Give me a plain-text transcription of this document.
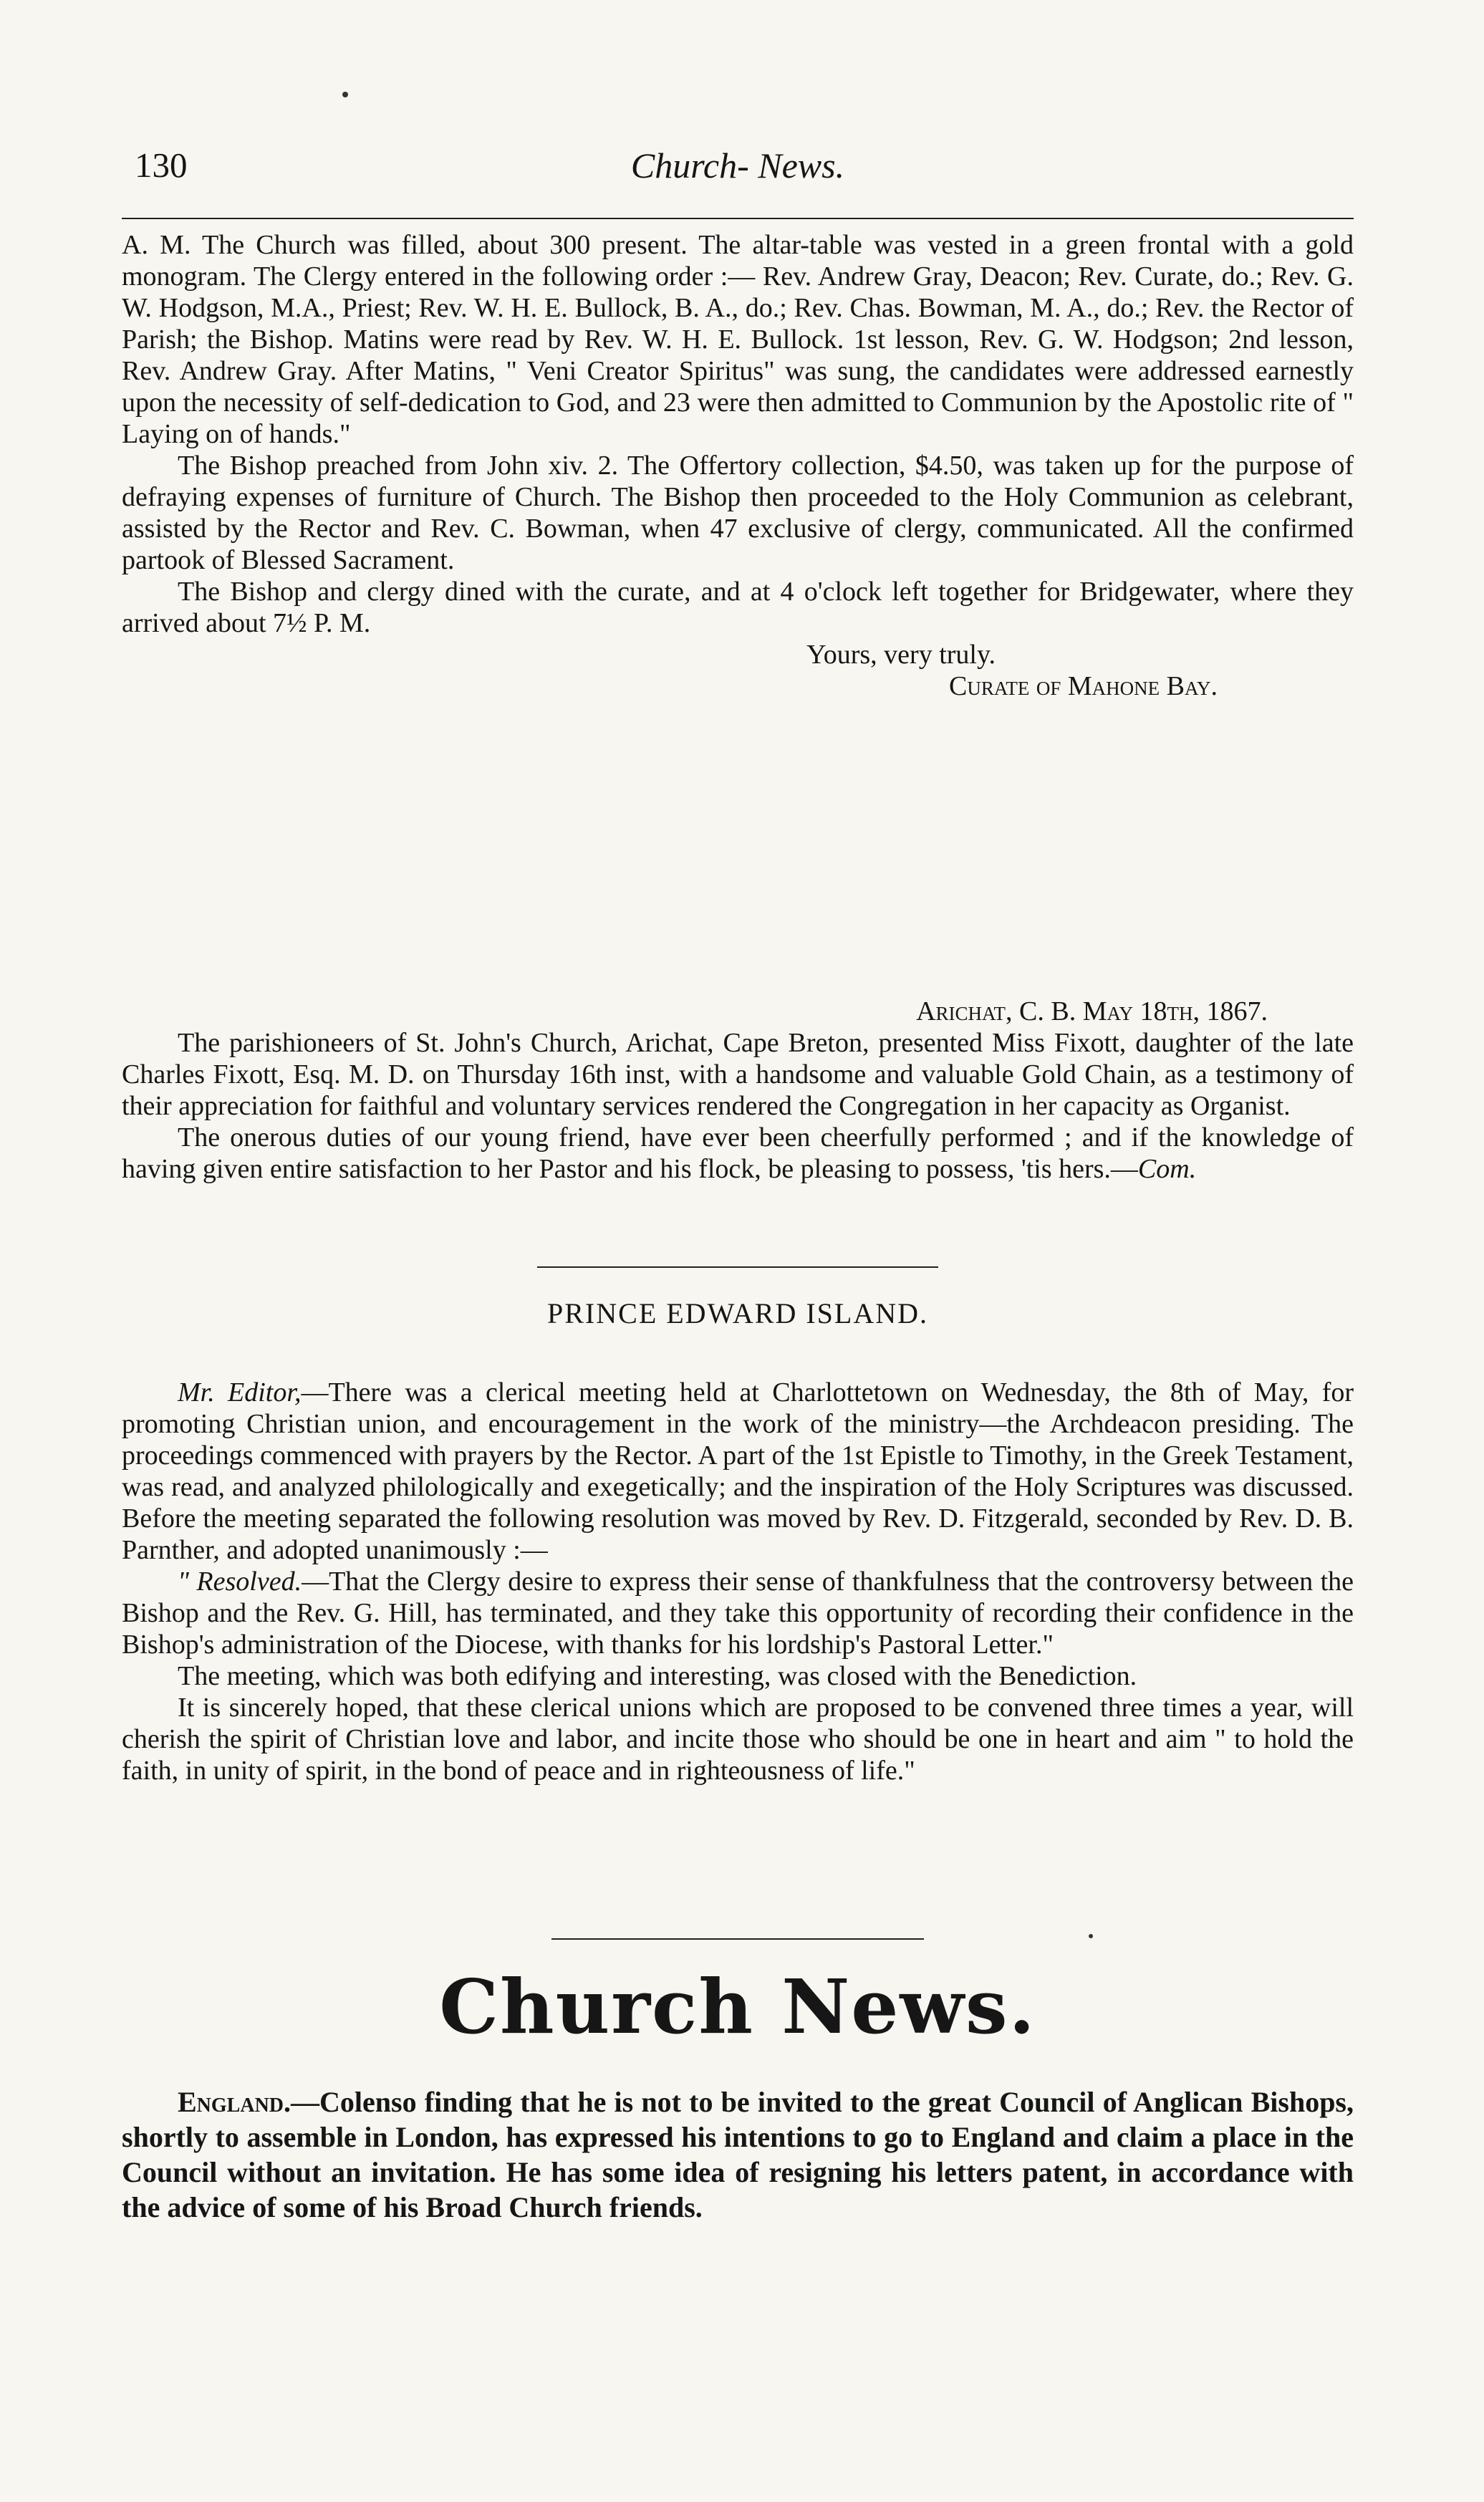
130	Church- News.

A. M. The Church was filled, about 300 present. The altar-table was vested in a green frontal with a gold monogram. The Clergy entered in the following order :— Rev. Andrew Gray, Deacon; Rev. Curate, do.; Rev. G. W. Hodgson, M.A., Priest; Rev. W. H. E. Bullock, B. A., do.; Rev. Chas. Bowman, M. A., do.; Rev. the Rector of Parish; the Bishop. Matins were read by Rev. W. H. E. Bullock. 1st lesson, Rev. G. W. Hodgson; 2nd lesson, Rev. Andrew Gray. After Matins, " Veni Creator Spiritus" was sung, the candidates were addressed earnestly upon the necessity of self-dedication to God, and 23 were then admitted to Communion by the Apostolic rite of " Laying on of hands."

The Bishop preached from John xiv. 2. The Offertory collection, $4.50, was taken up for the purpose of defraying expenses of furniture of Church. The Bishop then proceeded to the Holy Communion as celebrant, assisted by the Rector and Rev. C. Bowman, when 47 exclusive of clergy, communicated. All the confirmed partook of Blessed Sacrament.

The Bishop and clergy dined with the curate, and at 4 o'clock left together for Bridgewater, where they arrived about 7½ P. M.

Yours, very truly.
Curate of Mahone Bay.
Arichat, C. B. May 18th, 1867.

The parishioneers of St. John's Church, Arichat, Cape Breton, presented Miss Fixott, daughter of the late Charles Fixott, Esq. M. D. on Thursday 16th inst, with a handsome and valuable Gold Chain, as a testimony of their appreciation for faithful and voluntary services rendered the Congregation in her capacity as Organist.

The onerous duties of our young friend, have ever been cheerfully performed ; and if the knowledge of having given entire satisfaction to her Pastor and his flock, be pleasing to possess, 'tis hers.—Com.

PRINCE EDWARD ISLAND.

Mr. Editor,—There was a clerical meeting held at Charlottetown on Wednesday, the 8th of May, for promoting Christian union, and encouragement in the work of the ministry—the Archdeacon presiding. The proceedings commenced with prayers by the Rector. A part of the 1st Epistle to Timothy, in the Greek Testament, was read, and analyzed philologically and exegetically; and the inspiration of the Holy Scriptures was discussed. Before the meeting separated the following resolution was moved by Rev. D. Fitzgerald, seconded by Rev. D. B. Parnther, and adopted unanimously :—

" Resolved.—That the Clergy desire to express their sense of thankfulness that the controversy between the Bishop and the Rev. G. Hill, has terminated, and they take this opportunity of recording their confidence in the Bishop's administration of the Diocese, with thanks for his lordship's Pastoral Letter."

The meeting, which was both edifying and interesting, was closed with the Benediction.

It is sincerely hoped, that these clerical unions which are proposed to be convened three times a year, will cherish the spirit of Christian love and labor, and incite those who should be one in heart and aim " to hold the faith, in unity of spirit, in the bond of peace and in righteousness of life."

Church News.

England.—Colenso finding that he is not to be invited to the great Council of Anglican Bishops, shortly to assemble in London, has expressed his intentions to go to England and claim a place in the Council without an invitation. He has some idea of resigning his letters patent, in accordance with the advice of some of his Broad Church friends.
